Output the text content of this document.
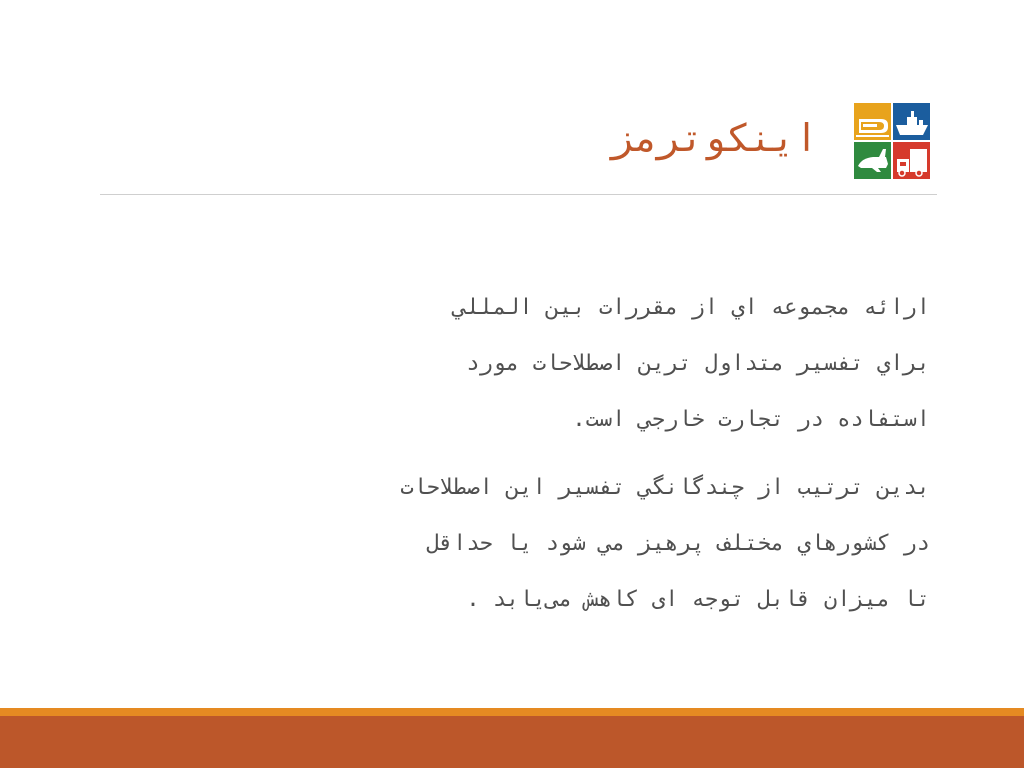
اینکوترمز

ارائه مجموعه اي از مقررات بين المللي
براي تفسير متداول ترين اصطلاحات مورد
استفاده در تجارت خارجي است.

بدين ترتيب از چندگانگي تفسير اين اصطلاحات
در كشورهاي مختلف پرهيز مي شود يا حداقل
تا ميزان قابل توجه ای کاهش می‌یابد .
